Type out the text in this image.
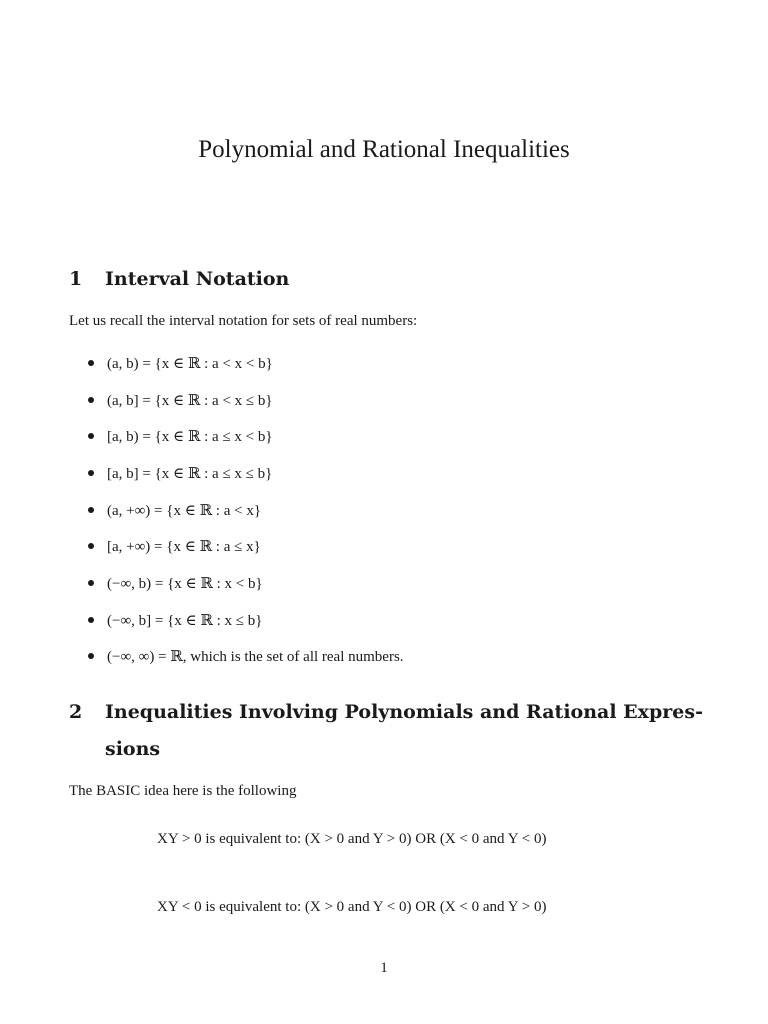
Polynomial and Rational Inequalities
1 Interval Notation
Let us recall the interval notation for sets of real numbers:
(a, b) = {x ∈ ℝ : a < x < b}
(a, b] = {x ∈ ℝ : a < x ≤ b}
[a, b) = {x ∈ ℝ : a ≤ x < b}
[a, b] = {x ∈ ℝ : a ≤ x ≤ b}
(a, +∞) = {x ∈ ℝ : a < x}
[a, +∞) = {x ∈ ℝ : a ≤ x}
(−∞, b) = {x ∈ ℝ : x < b}
(−∞, b] = {x ∈ ℝ : x ≤ b}
(−∞, ∞) = ℝ, which is the set of all real numbers.
2 Inequalities Involving Polynomials and Rational Expres-
sions
The BASIC idea here is the following
XY > 0 is equivalent to: (X > 0 and Y > 0) OR (X < 0 and Y < 0)
XY < 0 is equivalent to: (X > 0 and Y < 0) OR (X < 0 and Y > 0)
1
